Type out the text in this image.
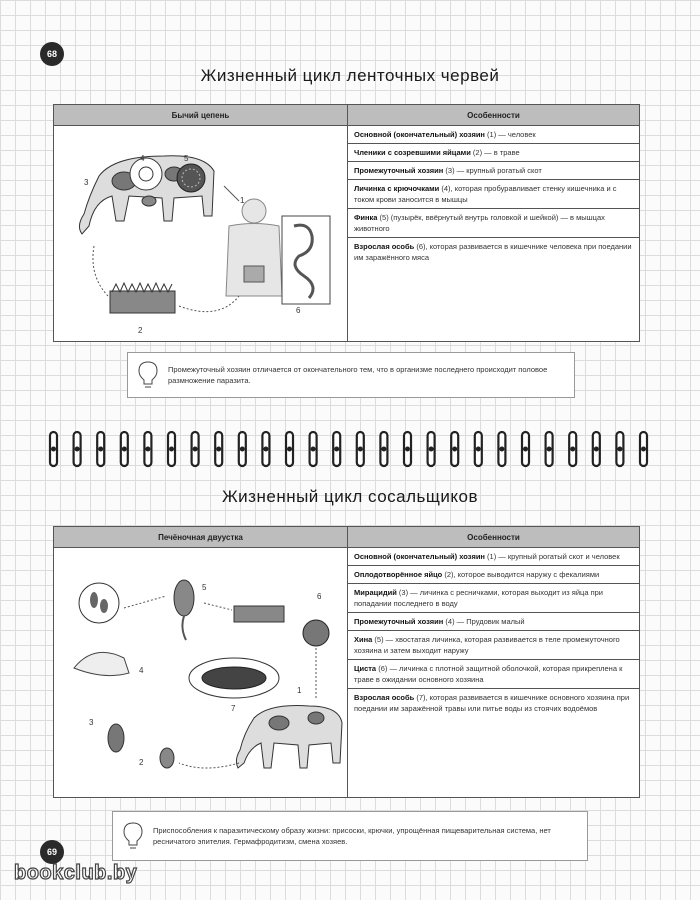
68
Жизненный цикл ленточных червей
Бычий цепень	Особенности
4	5
3
1
2
6
Основной (окончательный) хозяин (1) — человек
Членики с созревшими яйцами (2) — в траве
Промежуточный хозяин (3) — крупный рогатый скот
Личинка с крючочками (4), которая пробуравливает стенку кишечника и с током крови заносится в мышцы
Финка (5) (пузырёк, ввёрнутый внутрь головкой и шейкой) — в мышцах животного
Взрослая особь (6), которая развивается в кишечнике человека при поедании им заражённого мяса
Промежуточный хозяин отличается от окончательного тем, что в организме последнего происходит половое размножение паразита.
Жизненный цикл сосальщиков
Печёночная двуустка	Особенности
5
6
1
4
7
3
2
Основной (окончательный) хозяин (1) — крупный рогатый скот и человек
Оплодотворённое яйцо (2), которое выводится наружу с фекалиями
Мирацидий (3) — личинка с ресничками, которая выходит из яйца при попадании последнего в воду
Промежуточный хозяин (4) — Прудовик малый
Хина (5) — хвостатая личинка, которая развивается в теле промежуточного хозяина и затем выходит наружу
Циста (6) — личинка с плотной защитной оболочкой, которая прикреплена к траве в ожидании основного хозяина
Взрослая особь (7), которая развивается в кишечнике основного хозяина при поедании им заражённой травы или питье воды из стоячих водоёмов
Приспособления к паразитическому образу жизни: присоски, крючки, упрощённая пищеварительная система, нет ресничатого эпителия. Гермафродитизм, смена хозяев.
69
bookclub.by
